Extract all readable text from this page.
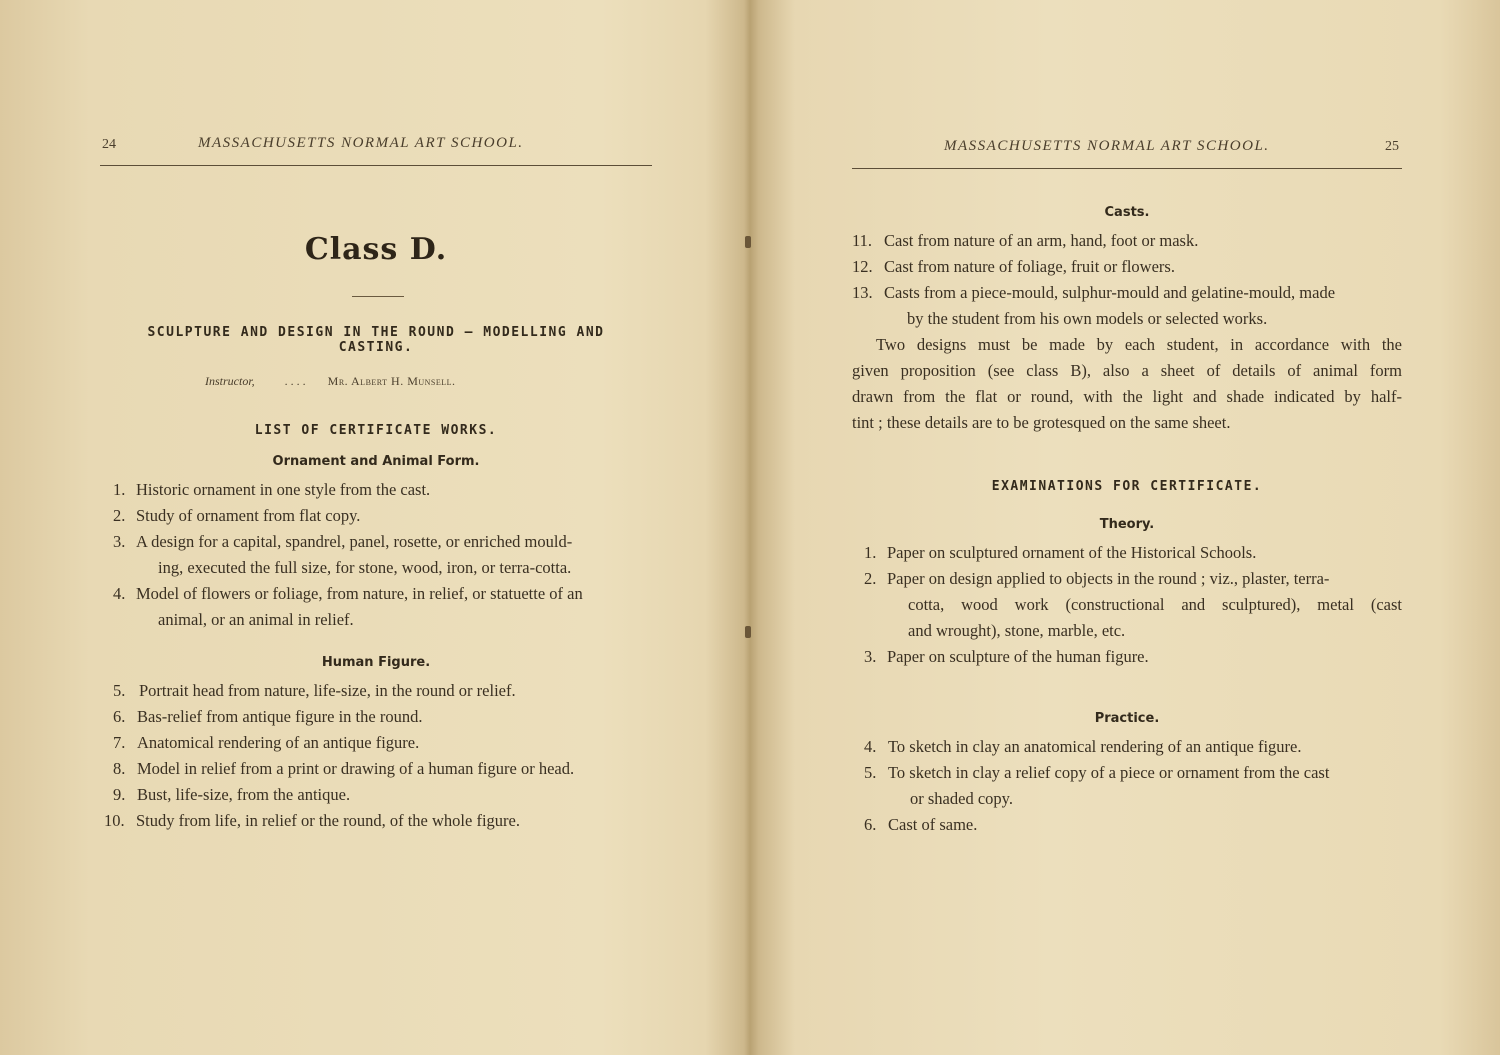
24	MASSACHUSETTS NORMAL ART SCHOOL.
Class D.
SCULPTURE AND DESIGN IN THE ROUND — MODELLING AND
CASTING.
Instructor,	. . . . Mr. Albert H. Munsell.
LIST OF CERTIFICATE WORKS.
Ornament and Animal Form.
1. Historic ornament in one style from the cast.
2. Study of ornament from flat copy.
3. A design for a capital, spandrel, panel, rosette, or enriched mould-
ing, executed the full size, for stone, wood, iron, or terra-cotta.
4. Model of flowers or foliage, from nature, in relief, or statuette of an
animal, or an animal in relief.
Human Figure.
5. Portrait head from nature, life-size, in the round or relief.
6. Bas-relief from antique figure in the round.
7. Anatomical rendering of an antique figure.
8. Model in relief from a print or drawing of a human figure or head.
9. Bust, life-size, from the antique.
10. Study from life, in relief or the round, of the whole figure.
MASSACHUSETTS NORMAL ART SCHOOL.	25
Casts.
11. Cast from nature of an arm, hand, foot or mask.
12. Cast from nature of foliage, fruit or flowers.
13. Casts from a piece-mould, sulphur-mould and gelatine-mould, made
by the student from his own models or selected works.
Two designs must be made by each student, in accordance with the
given proposition (see class B), also a sheet of details of animal form
drawn from the flat or round, with the light and shade indicated by half-
tint ; these details are to be grotesqued on the same sheet.
EXAMINATIONS FOR CERTIFICATE.
Theory.
1. Paper on sculptured ornament of the Historical Schools.
2. Paper on design applied to objects in the round ; viz., plaster, terra-
cotta, wood work (constructional and sculptured), metal (cast
and wrought), stone, marble, etc.
3. Paper on sculpture of the human figure.
Practice.
4. To sketch in clay an anatomical rendering of an antique figure.
5. To sketch in clay a relief copy of a piece or ornament from the cast
or shaded copy.
6. Cast of same.
